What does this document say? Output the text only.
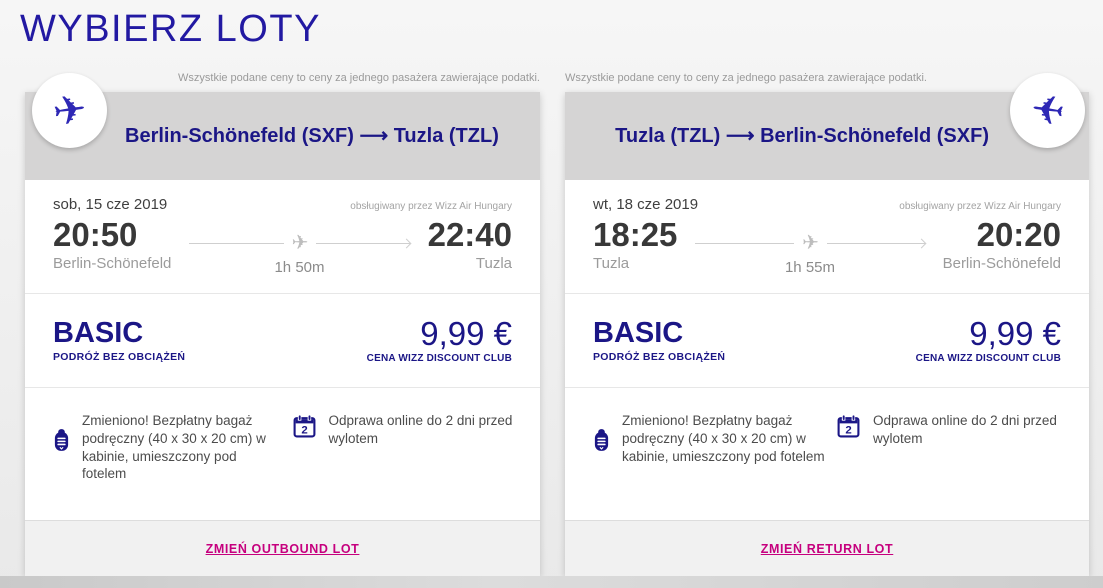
WYBIERZ LOTY
Wszystkie podane ceny to ceny za jednego pasażera zawierające podatki. Wszystkie podane ceny to ceny za jednego pasażera zawierające podatki.
✈
Berlin-Schönefeld (SXF) ⟶ Tuzla (TZL)
sob, 15 cze 2019	obsługiwany przez Wizz Air Hungary
20:50
Berlin-Schönefeld
✈
1h 50m
22:40
Tuzla
BASIC
PODRÓŻ BEZ OBCIĄŻEŃ
9,99 €
CENA WIZZ DISCOUNT CLUB
Zmieniono! Bezpłatny bagaż podręczny (40 x 30 x 20 cm) w kabinie, umieszczony pod fotelem
2
Odprawa online do 2 dni przed wylotem
ZMIEŃ OUTBOUND LOT
✈
Tuzla (TZL) ⟶ Berlin-Schönefeld (SXF)
wt, 18 cze 2019	obsługiwany przez Wizz Air Hungary
18:25
Tuzla
✈
1h 55m
20:20
Berlin-Schönefeld
BASIC
PODRÓŻ BEZ OBCIĄŻEŃ
9,99 €
CENA WIZZ DISCOUNT CLUB
Zmieniono! Bezpłatny bagaż podręczny (40 x 30 x 20 cm) w kabinie, umieszczony pod fotelem
2
Odprawa online do 2 dni przed wylotem
ZMIEŃ RETURN LOT
